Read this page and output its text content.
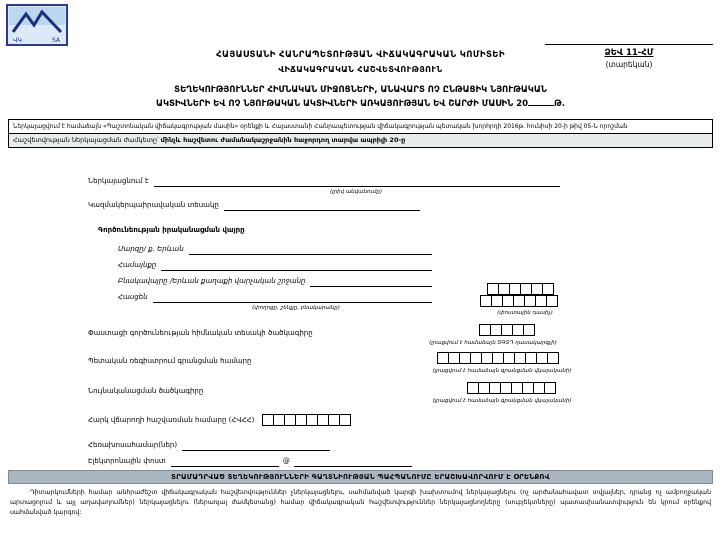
ՎԿ	SA
ՀԱՅԱՍՏԱՆԻ ՀԱՆՐԱՊԵՏՈՒԹՅԱՆ ՎԻՃԱԿԱԳՐԱԿԱՆ ԿՈՄԻՏԵԻ
ՎԻՃԱԿԱԳՐԱԿԱՆ ՀԱՇՎԵՏՎՈՒԹՅՈՒՆ
ՁԵՎ 11-ՀՄ
(տարեկան)
ՏԵՂԵԿՈՒԹՅՈՒՆՆԵՐ ՀԻՄՆԱԿԱՆ ՄԻՋՈՑՆԵՐԻ, ԱՆԱՎԱՐՏ ՈՉ ԸՆԹԱՑԻԿ ՆՅՈՒԹԱԿԱՆ
ԱԿՏԻՎՆԵՐԻ ԵՎ ՈՉ ՆՅՈՒԹԱԿԱՆ ԱԿՏԻՎՆԵՐԻ ԱՌԿԱՅՈՒԹՅԱՆ ԵՎ ՇԱՐԺԻ ՄԱՍԻՆ 20	Թ.
Ներկայացվում է համաձայն «Պաշտոնական վիճակագրության մասին» օրենքի և Հայաստանի Հանրապետության վիճակագրության պետական խորհրդի 2016թ. հունիսի 20-ի թիվ 05-Ն որոշման
Հաշվետվության ներկայացման ժամկետը՝ մինչև հաշվետու ժամանակաշրջանին հաջորդող տարվա ապրիլի 20-ը
Ներկայացնում է
(լրիվ անվանումը)
Կազմակերպաիրավական տեսակը
Գործունեության իրականացման վայրը
Մարզը/ ք. Երևան
Համայնքը
Բնակավայրը /Երևան քաղաքի վարչական շրջանը
Հասցեն
(փողոցը, շենքը, բնակարանը)
(փոստային դասիչ)
Փաստացի գործունեության հիմնական տեսակի ծածկագիրը
(լրացվում է համաձայն ՏԳՏԴ դասակարգչի)
Պետական ռեգիստրում գրանցման համարը
(լրացվում է համաձայն գրանցման վկայականի)
Նույնականացման ծածկագիրը
(լրացվում է համաձայն գրանցման վկայականի)
Հարկ վճարողի հաշվառման համարը (ՀՎՀՀ)
Հեռախոսահամար(ներ)
Էլեկտրոնային փոստ	@
ՏՐԱՄԱԴՐՎԱԾ ՏԵՂԵԿՈՒԹՅՈՒՆՆԵՐԻ ԳԱՂՏՆԻՈՒԹՅԱՆ ՊԱՀՊԱՆՈՒՄԸ ԵՐԱՇԽԱՎՈՐՎՈՒՄ Է ՕՐԵՆՔՈՎ
Դիտարկումների համար անհրաժեշտ վիճակագրական հաշվետվություններ չներկայացնելու, սահմանված կարգի խախտումով ներկայացնելու (ոչ արժանահավատ տվյալներ, դրանց ոչ ամբողջական արտացոլում և այլ աղավաղումներ) ներկայացնելու (ներառյալ ժամկետանց) համար վիճակագրական հաշվետվություններ ներկայացնողները (սուբյեկտները) պատասխանատվություն են կրում օրենքով սահմանված կարգով:
